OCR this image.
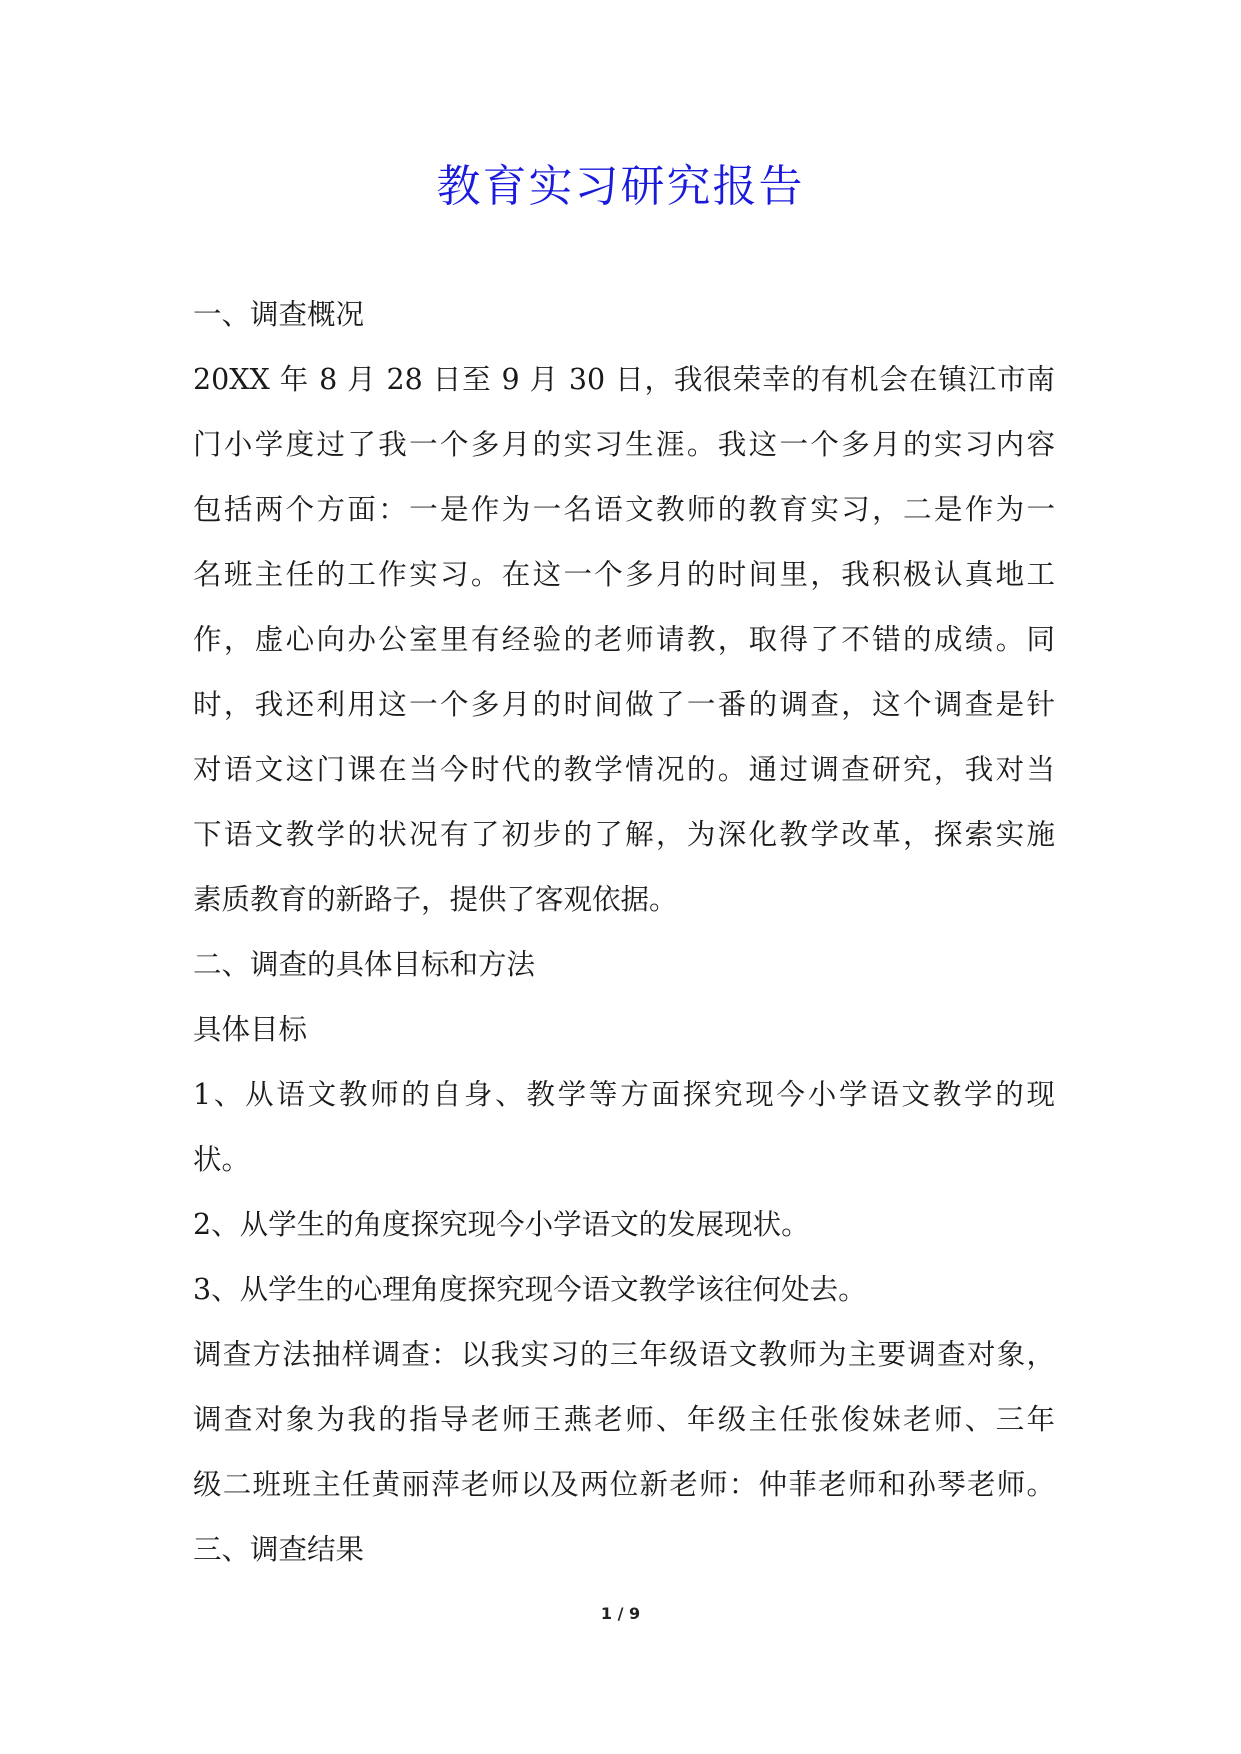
教育实习研究报告
一、调查概况
20XX 年 8 月 28 日至 9 月 30 日，我很荣幸的有机会在镇江市南
门小学度过了我一个多月的实习生涯。我这一个多月的实习内容
包括两个方面：一是作为一名语文教师的教育实习，二是作为一
名班主任的工作实习。在这一个多月的时间里，我积极认真地工
作，虚心向办公室里有经验的老师请教，取得了不错的成绩。同
时，我还利用这一个多月的时间做了一番的调查，这个调查是针
对语文这门课在当今时代的教学情况的。通过调查研究，我对当
下语文教学的状况有了初步的了解，为深化教学改革，探索实施
素质教育的新路子，提供了客观依据。
二、调查的具体目标和方法
具体目标
1、从语文教师的自身、教学等方面探究现今小学语文教学的现
状。
2、从学生的角度探究现今小学语文的发展现状。
3、从学生的心理角度探究现今语文教学该往何处去。
调查方法抽样调查：以我实习的三年级语文教师为主要调查对象，
调查对象为我的指导老师王燕老师、年级主任张俊妹老师、三年
级二班班主任黄丽萍老师以及两位新老师：仲菲老师和孙琴老师。
三、调查结果
1 / 9
